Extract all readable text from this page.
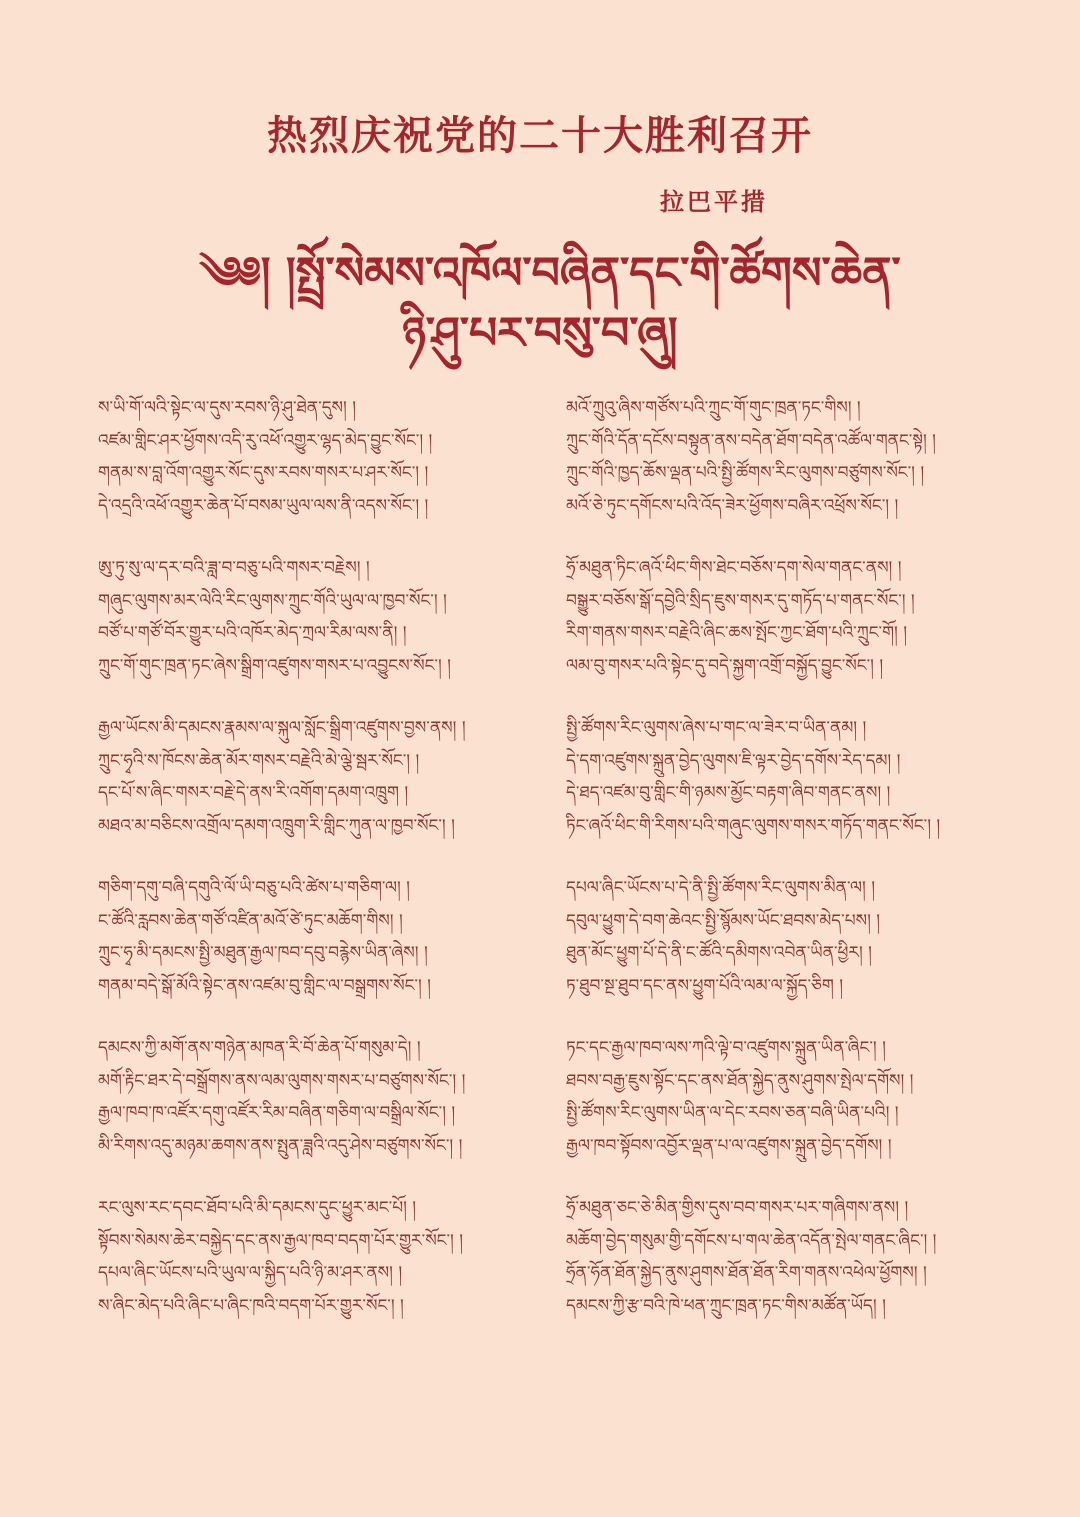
热烈庆祝党的二十大胜利召开

拉巴平措

༄༅། །སྤྲོ་སེམས་འཁོལ་བཞིན་དང་གི་ཚོགས་ཆེན་
ཉི་ཤུ་པར་བསུ་བ་ཞུ།
ས་ཡི་གོ་ལའི་སྟེང་ལ་དུས་རབས་ཉི་ཤུ་ཐེན་དུས། །
འཛམ་གླིང་ཤར་ཕྱོགས་འདི་རུ་འཕོ་འགྱུར་ལྷད་མེད་བྱུང་སོང་། །
གནམ་ས་བླ་འོག་འགྱུར་སོང་དུས་རབས་གསར་པ་ཤར་སོང་། །
དེ་འདྲའི་འཕོ་འགྱུར་ཆེན་པོ་བསམ་ཡུལ་ལས་ནི་འདས་སོང་། །
ཨུ་ཏུ་སུ་ལ་དར་བའི་ཟླ་བ་བཅུ་པའི་གསར་བརྗེས། །
གཞུང་ལུགས་མར་ལེའི་རིང་ལུགས་ཀྲུང་གོའི་ཡུལ་ལ་ཁྱབ་སོང་། །
བཙོ་པ་གཙོ་བོར་གྱུར་པའི་འཁོར་མེད་ཀྲལ་རིམ་ལས་ནི། །
ཀྲུང་གོ་གུང་ཁྲན་ཏང་ཞེས་སྒྲིག་འཛུགས་གསར་པ་འབྱུངས་སོང་། །
རྒྱལ་ཡོངས་མི་དམངས་རྣམས་ལ་སྐུལ་སློང་སྒྲིག་འཛུགས་བྱས་ནས། །
ཀྲུང་ཧྭའི་ས་ཁོངས་ཆེན་མོར་གསར་བརྗེའི་མེ་ལྕེ་སྦར་སོང་། །
དང་པོ་ས་ཞིང་གསར་བརྗེ་དེ་ནས་རི་འགོག་དམག་འཁྲུག །
མཐའ་མ་བཅིངས་འགྲོལ་དམག་འཁྲུག་རི་གླིང་ཀུན་ལ་ཁྱབ་སོང་། །
གཅིག་དགུ་བཞི་དགུའི་ལོ་ཡི་བཅུ་པའི་ཚེས་པ་གཅིག་ལ། །
ང་ཚོའི་རླབས་ཆེན་གཙོ་འཛིན་མའོ་ཙེ་ཏུང་མཆོག་གིས། །
ཀྲུང་ཧྭ་མི་དམངས་སྤྱི་མཐུན་རྒྱལ་ཁབ་དབུ་བརྙེས་ཡིན་ཞེས། །
གནམ་བདེ་སྒོ་མོའི་སྟེང་ནས་འཛམ་བུ་གླིང་ལ་བསྒྲགས་སོང་། །
དམངས་ཀྱི་མགོ་ནས་གཉེན་མཁན་རི་བོ་ཆེན་པོ་གསུམ་དེ། །
མགོ་རྟིང་ཐར་དེ་བསྒྲོགས་ནས་ལམ་ལུགས་གསར་པ་བཙུགས་སོང་། །
རྒྱལ་ཁབ་ཁ་འཛོར་དགུ་འཛོར་རིམ་བཞིན་གཅིག་ལ་བསྒྲིལ་སོང་། །
མི་རིགས་འདུ་མཉམ་ཆགས་ནས་སྤུན་ཟླའི་འདུ་ཤེས་བཙུགས་སོང་། །
རང་ལུས་རང་དབང་ཐོབ་པའི་མི་དམངས་དུང་ཕྱུར་མང་པོ། །
སྟོབས་སེམས་ཆེར་བསྐྱེད་དང་ནས་རྒྱལ་ཁབ་བདག་པོར་གྱུར་སོང་། །
དཔལ་ཞིང་ཡོངས་པའི་ཡུལ་ལ་སྐྱིད་པའི་ཉི་མ་ཤར་ནས། །
ས་ཞིང་མེད་པའི་ཞིང་པ་ཞིང་ཁའི་བདག་པོར་གྱུར་སོང་། །
མའོ་ཀྲུའུ་ཞིས་གཙོས་པའི་ཀྲུང་གོ་གུང་ཁྲན་ཏང་གིས། །
ཀྲུང་གོའི་དོན་དངོས་བསྟུན་ནས་བདེན་ཐོག་བདེན་འཚོལ་གནང་སྟེ། །
ཀྲུང་གོའི་ཁྱད་ཆོས་ལྡན་པའི་སྤྱི་ཚོགས་རིང་ལུགས་བཙུགས་སོང་། །
མའོ་ཅེ་ཏུང་དགོངས་པའི་འོད་ཟེར་ཕྱོགས་བཞིར་འཕྲོས་སོང་། །
ཧྲོ་མཐུན་ཏིང་ཞའོ་ཕིང་གིས་ཐེང་བཅོས་དག་སེལ་གནང་ནས། །
བསྒྱུར་བཅོས་སྒོ་དབྱེའི་སྲིད་ཇུས་གསར་དུ་གཏོད་པ་གནང་སོང་། །
རིག་གནས་གསར་བརྗེའི་ཞིང་ཆས་སྤོང་ཀྱང་ཐོག་པའི་ཀྲུང་གོ། །
ལམ་བུ་གསར་པའི་སྟེང་དུ་བདེ་སྐྱག་འགྲོ་བསྐྱོད་བྱུང་སོང་། །
སྤྱི་ཚོགས་རིང་ལུགས་ཞེས་པ་གང་ལ་ཟེར་བ་ཡིན་ནམ། །
དེ་དག་འཛུགས་སྐྲུན་བྱེད་ལུགས་ཇི་ལྟར་བྱེད་དགོས་རེད་དམ། །
དེ་ཐད་འཛམ་བུ་གླིང་གི་ཉམས་མྱོང་བརྟག་ཞིབ་གནང་ནས། །
ཏིང་ཞའོ་ཕིང་གི་རིགས་པའི་གཞུང་ལུགས་གསར་གཏོད་གནང་སོང་། །
དཔལ་ཞིང་ཡོངས་པ་དེ་ནི་སྤྱི་ཚོགས་རིང་ལུགས་མིན་ལ། །
དབུལ་ཕྱུག་དེ་བག་ཆེའང་སྤྱི་སྙོམས་ཡོང་ཐབས་མེད་པས། །
ཐུན་མོང་ཕྱུག་པོ་དེ་ནི་ང་ཚོའི་དམིགས་འབེན་ཡིན་ཕྱིར། །
ཏ་ཐུབ་སྔ་ཐུབ་དང་ནས་ཕྱུག་པོའི་ལམ་ལ་སྐྱོད་ཅིག །
ཏང་དང་རྒྱལ་ཁབ་ལས་ཀའི་ལྟེ་བ་འཛུགས་སྐྲུན་ཡིན་ཞིང་། །
ཐབས་བརྒྱ་ཇུས་སྟོང་དང་ནས་ཐོན་སྐྱེད་ནུས་ཤུགས་སྤེལ་དགོས། །
སྤྱི་ཚོགས་རིང་ལུགས་ཡིན་ལ་དེང་རབས་ཅན་བཞི་ཡིན་པའི། །
རྒྱལ་ཁབ་སྟོབས་འབྱོར་ལྡན་པ་ལ་འཛུགས་སྐྲུན་བྱེད་དགོས། །
ཧྲོ་མཐུན་ཅང་ཅེ་མིན་གྱིས་དུས་བབ་གསར་པར་གཞིགས་ནས། །
མཆོག་བྱེད་གསུམ་གྱི་དགོངས་པ་གལ་ཆེན་འདོན་སྤེལ་གནང་ཞིང་། །
ཧྲོན་ཧོན་ཐོན་སྐྱེད་ནུས་ཤུགས་ཐོན་ཐོན་རིག་གནས་འཕེལ་ཕྱོགས། །
དམངས་ཀྱི་རྩ་བའི་ཁེ་ཕན་ཀྲུང་ཁྲན་ཏང་གིས་མཚོན་ཡོད། །
